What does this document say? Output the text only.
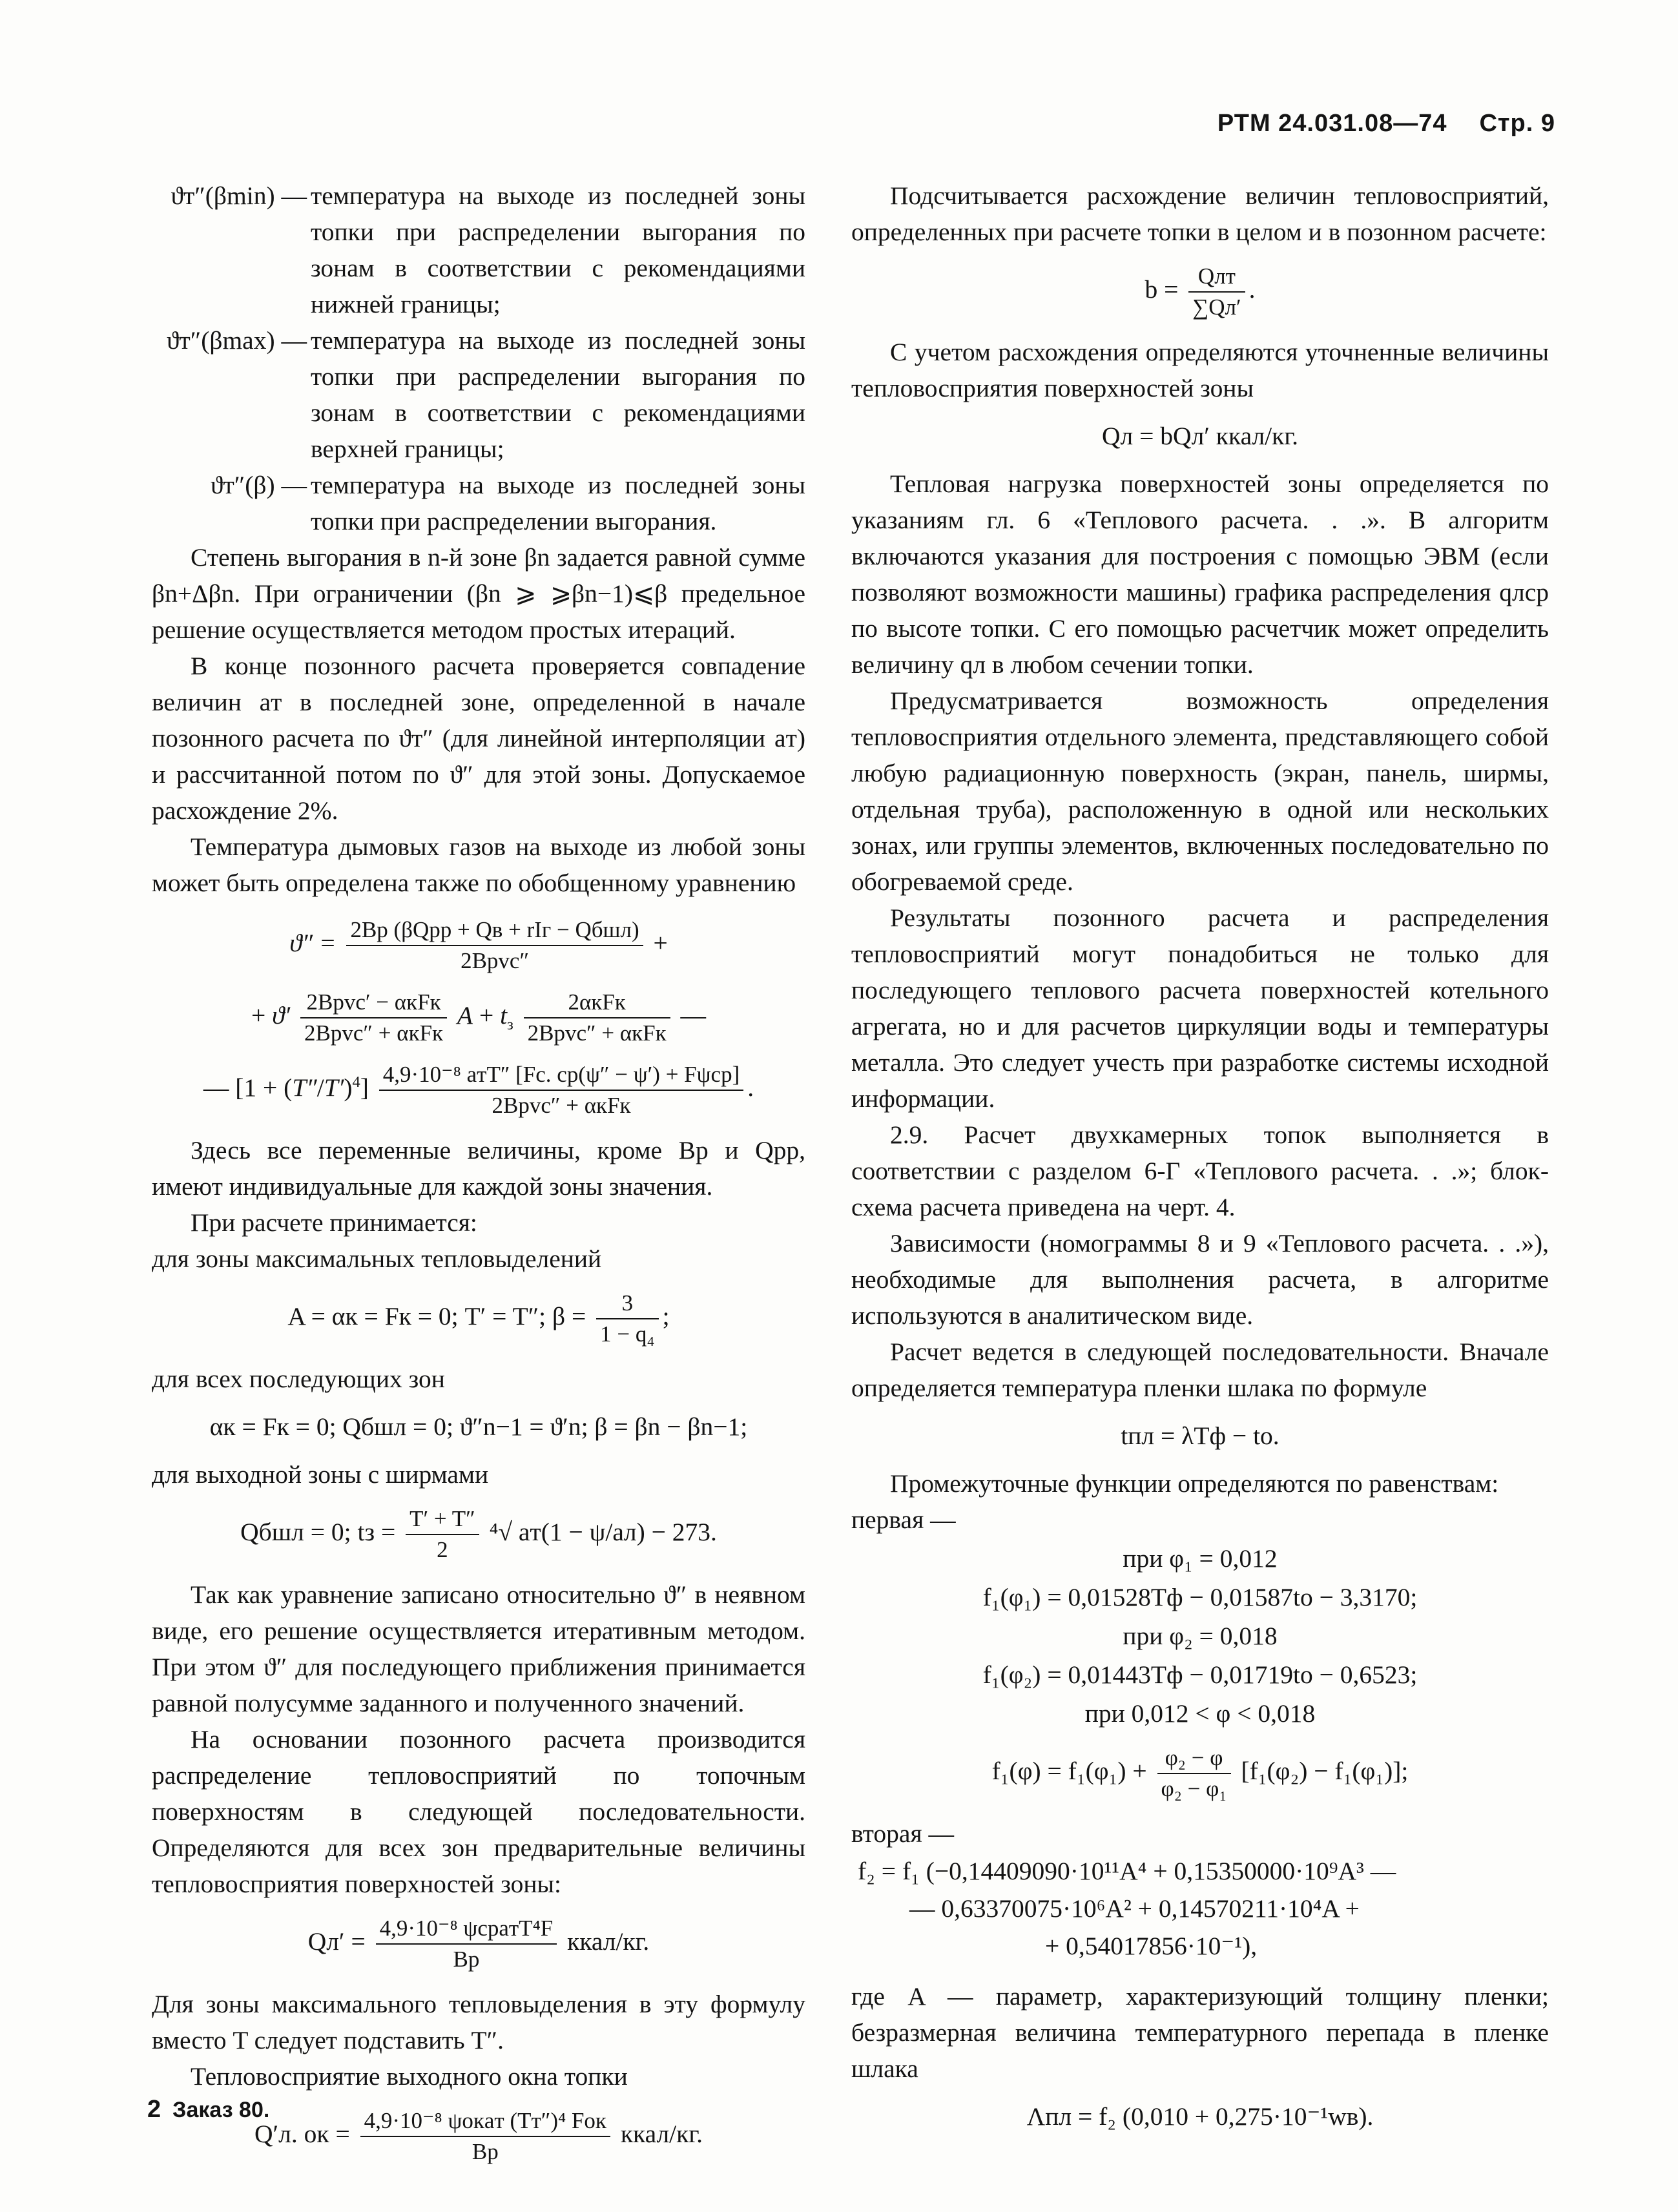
РТМ 24.031.08—74 Стр. 9
ϑт″(βmin) — температура на выходе из последней зоны топки при распределении выгорания по зонам в соответствии с рекомендациями нижней границы;
ϑт″(βmax) — температура на выходе из последней зоны топки при распределении выгорания по зонам в соответствии с рекомендациями верхней границы;
ϑт″(β) — температура на выходе из последней зоны топки при распределении выгорания.

Степень выгорания в n-й зоне βn задается равной сумме βn+Δβn. При ограничении (βn ⩾ ⩾βn−1)⩽β предельное решение осуществляется методом простых итераций.

В конце позонного расчета проверяется совпадение величин aт в последней зоне, определенной в начале позонного расчета по ϑт″ (для линейной интерполяции aт) и рассчитанной потом по ϑ″ для этой зоны. Допускаемое расхождение 2%.

Температура дымовых газов на выходе из любой зоны может быть определена также по обобщенному уравнению

$ϑ'' = \frac{\text{2Bр (βQрр + Qв + rIг − Qбшл)}}{\text{2Bрvc″}}$ +
+ $ϑ' \frac{\text{2Bрvc′ − αкFк}}{\text{2Bрvc″ + αкFк}}$ $A + t_з \frac{\text{2αкFк}}{\text{2Bрvc″ + αкFк}}$ —
— $[1 + (T''/T')^4] \frac{\text{4,9·10⁻⁸ aтT″ [Fс. ср(ψ″ − ψ′) + Fψср]}}{\text{2Bрvc″ + αкFк}}$ .

Здесь все переменные величины, кроме Bр и Qрр, имеют индивидуальные для каждой зоны значения.

При расчете принимается:

для зоны максимальных тепловыделений

A = αк = Fк = 0; T′ = T″; $\beta = \frac{3}{\text{1 − q₄}}$ ;

для всех последующих зон

αк = Fк = 0; Qбшл = 0; ϑ″n−1 = ϑ′n; β = βn − βn−1;

для выходной зоны с ширмами

Qбшл = 0; tз = $\frac{T' + T''}{2} ^4√$ aт(1 − ψ/aл) − 273.

Так как уравнение записано относительно ϑ″ в неявном виде, его решение осуществляется итеративным методом. При этом ϑ″ для последующего приближения принимается равной полусумме заданного и полученного значений.

На основании позонного расчета производится распределение тепловосприятий по топочным поверхностям в следующей последовательности. Определяются для всех зон предварительные величины тепловосприятия поверхностей зоны:

$Qл' = \frac{\text{4,9·10⁻⁸ ψсрaтT⁴F}}{Bр}$ ккал/кг.

Для зоны максимального тепловыделения в эту формулу вместо T следует подставить T″.

Тепловосприятие выходного окна топки

Q′л. ок = $\frac{\text{4,9·10⁻⁸ ψокaт (Tт″)⁴ Fок}}{Bр}$ ккал/кг.

Подсчитывается расхождение величин тепловосприятий, определенных при расчете топки в целом и в позонном расчете:

$b = \frac{\text{Qлт}}{\sum Qл'}$ .

С учетом расхождения определяются уточненные величины тепловосприятия поверхностей зоны

Qл = bQл′ ккал/кг.

Тепловая нагрузка поверхностей зоны определяется по указаниям гл. 6 «Теплового расчета. . .». В алгоритм включаются указания для построения с помощью ЭВМ (если позволяют возможности машины) графика распределения qлср по высоте топки. С его помощью расчетчик может определить величину qл в любом сечении топки.

Предусматривается возможность определения тепловосприятия отдельного элемента, представляющего собой любую радиационную поверхность (экран, панель, ширмы, отдельная труба), расположенную в одной или нескольких зонах, или группы элементов, включенных последовательно по обогреваемой среде.

Результаты позонного расчета и распределения тепловосприятий могут понадобиться не только для последующего теплового расчета поверхностей котельного агрегата, но и для расчетов циркуляции воды и температуры металла. Это следует учесть при разработке системы исходной информации.

2.9. Расчет двухкамерных топок выполняется в соответствии с разделом 6-Г «Теплового расчета. . .»; блок-схема расчета приведена на черт. 4.

Зависимости (номограммы 8 и 9 «Теплового расчета. . .»), необходимые для выполнения расчета, в алгоритме используются в аналитическом виде.

Расчет ведется в следующей последовательности. Вначале определяется температура пленки шлака по формуле

tпл = λTф − tо.

Промежуточные функции определяются по равенствам:

первая —

при φ₁ = 0,012
f₁(φ₁) = 0,01528Tф − 0,01587tо − 3,3170;
при φ₂ = 0,018
f₁(φ₂) = 0,01443Tф − 0,01719tо − 0,6523;
при 0,012 < φ < 0,018
$f_1(\varphi) = f_1(\varphi_1) + \frac{\text{φ₂ − φ}}{\text{φ₂ − φ₁}} [f_1(\varphi_2) - f_1(\varphi_1)]$;

вторая —

f₂ = f₁ (−0,14409090·10¹¹A⁴ + 0,15350000·10⁹A³ —
— 0,63370075·10⁶A² + 0,14570211·10⁴A +
+ 0,54017856·10⁻¹),

где A — параметр, характеризующий толщину пленки; безразмерная величина температурного перепада в пленке шлака

Λпл = f₂ (0,010 + 0,275·10⁻¹wв).
2 Заказ 80.
